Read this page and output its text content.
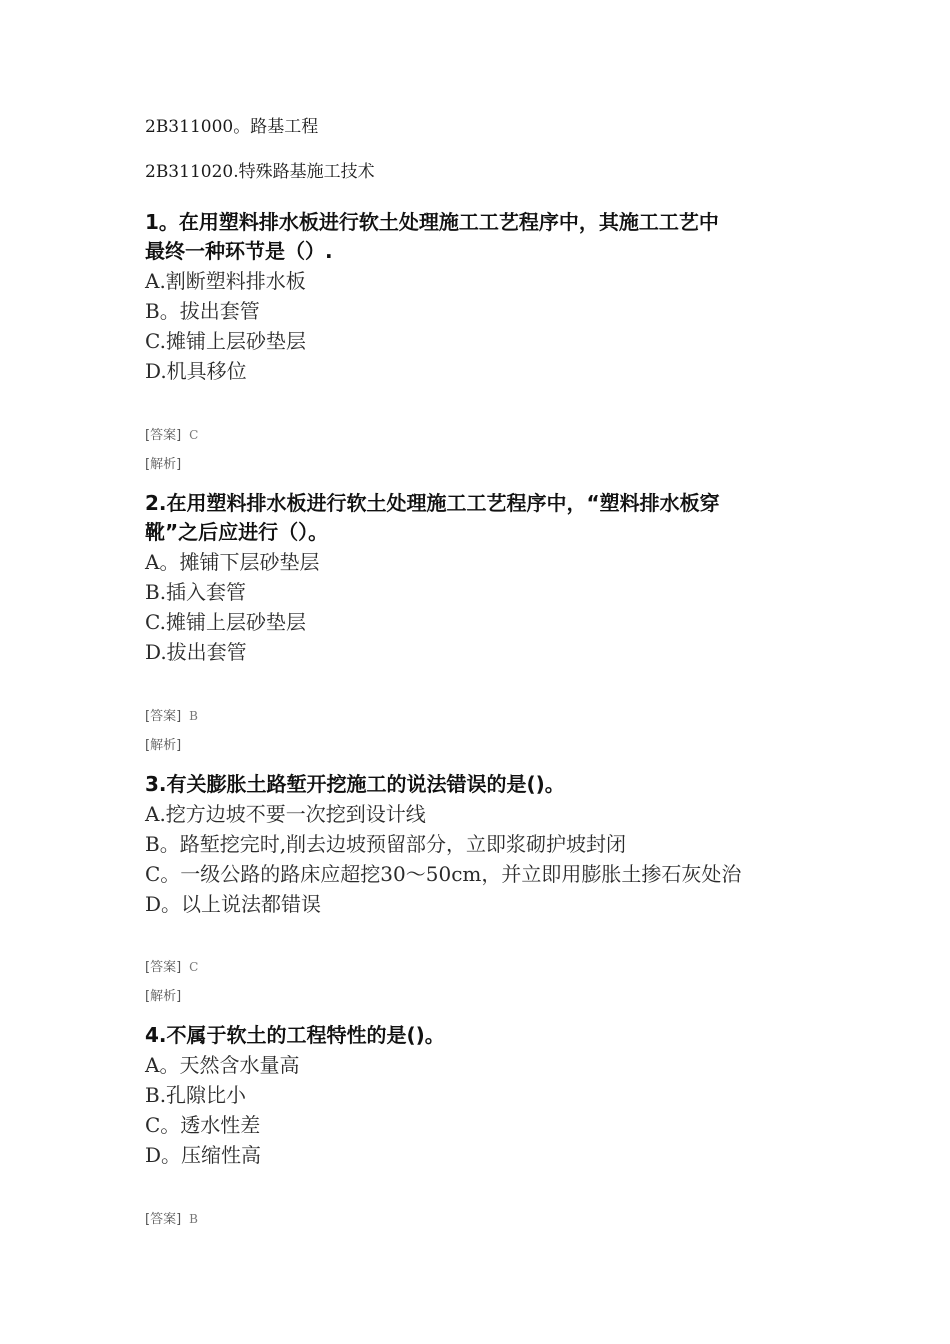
2B311000。路基工程
2B311020.特殊路基施工技术

1。在用塑料排水板进行软土处理施工工艺程序中，其施工工艺中

最终一种环节是（）.

A.割断塑料排水板

B。拔出套管

C.摊铺上层砂垫层

D.机具移位

[答案] C
[解析]

2.在用塑料排水板进行软土处理施工工艺程序中，“塑料排水板穿

靴”之后应进行（）。

A。摊铺下层砂垫层

B.插入套管

C.摊铺上层砂垫层

D.拔出套管

[答案] B
[解析]

3.有关膨胀土路堑开挖施工的说法错误的是()。

A.挖方边坡不要一次挖到设计线

B。路堑挖完时,削去边坡预留部分，立即浆砌护坡封闭

C。一级公路的路床应超挖30～50cm，并立即用膨胀土掺石灰处治

D。以上说法都错误

[答案] C
[解析]

4.不属于软土的工程特性的是()。

A。天然含水量高

B.孔隙比小

C。透水性差

D。压缩性高

[答案] B
